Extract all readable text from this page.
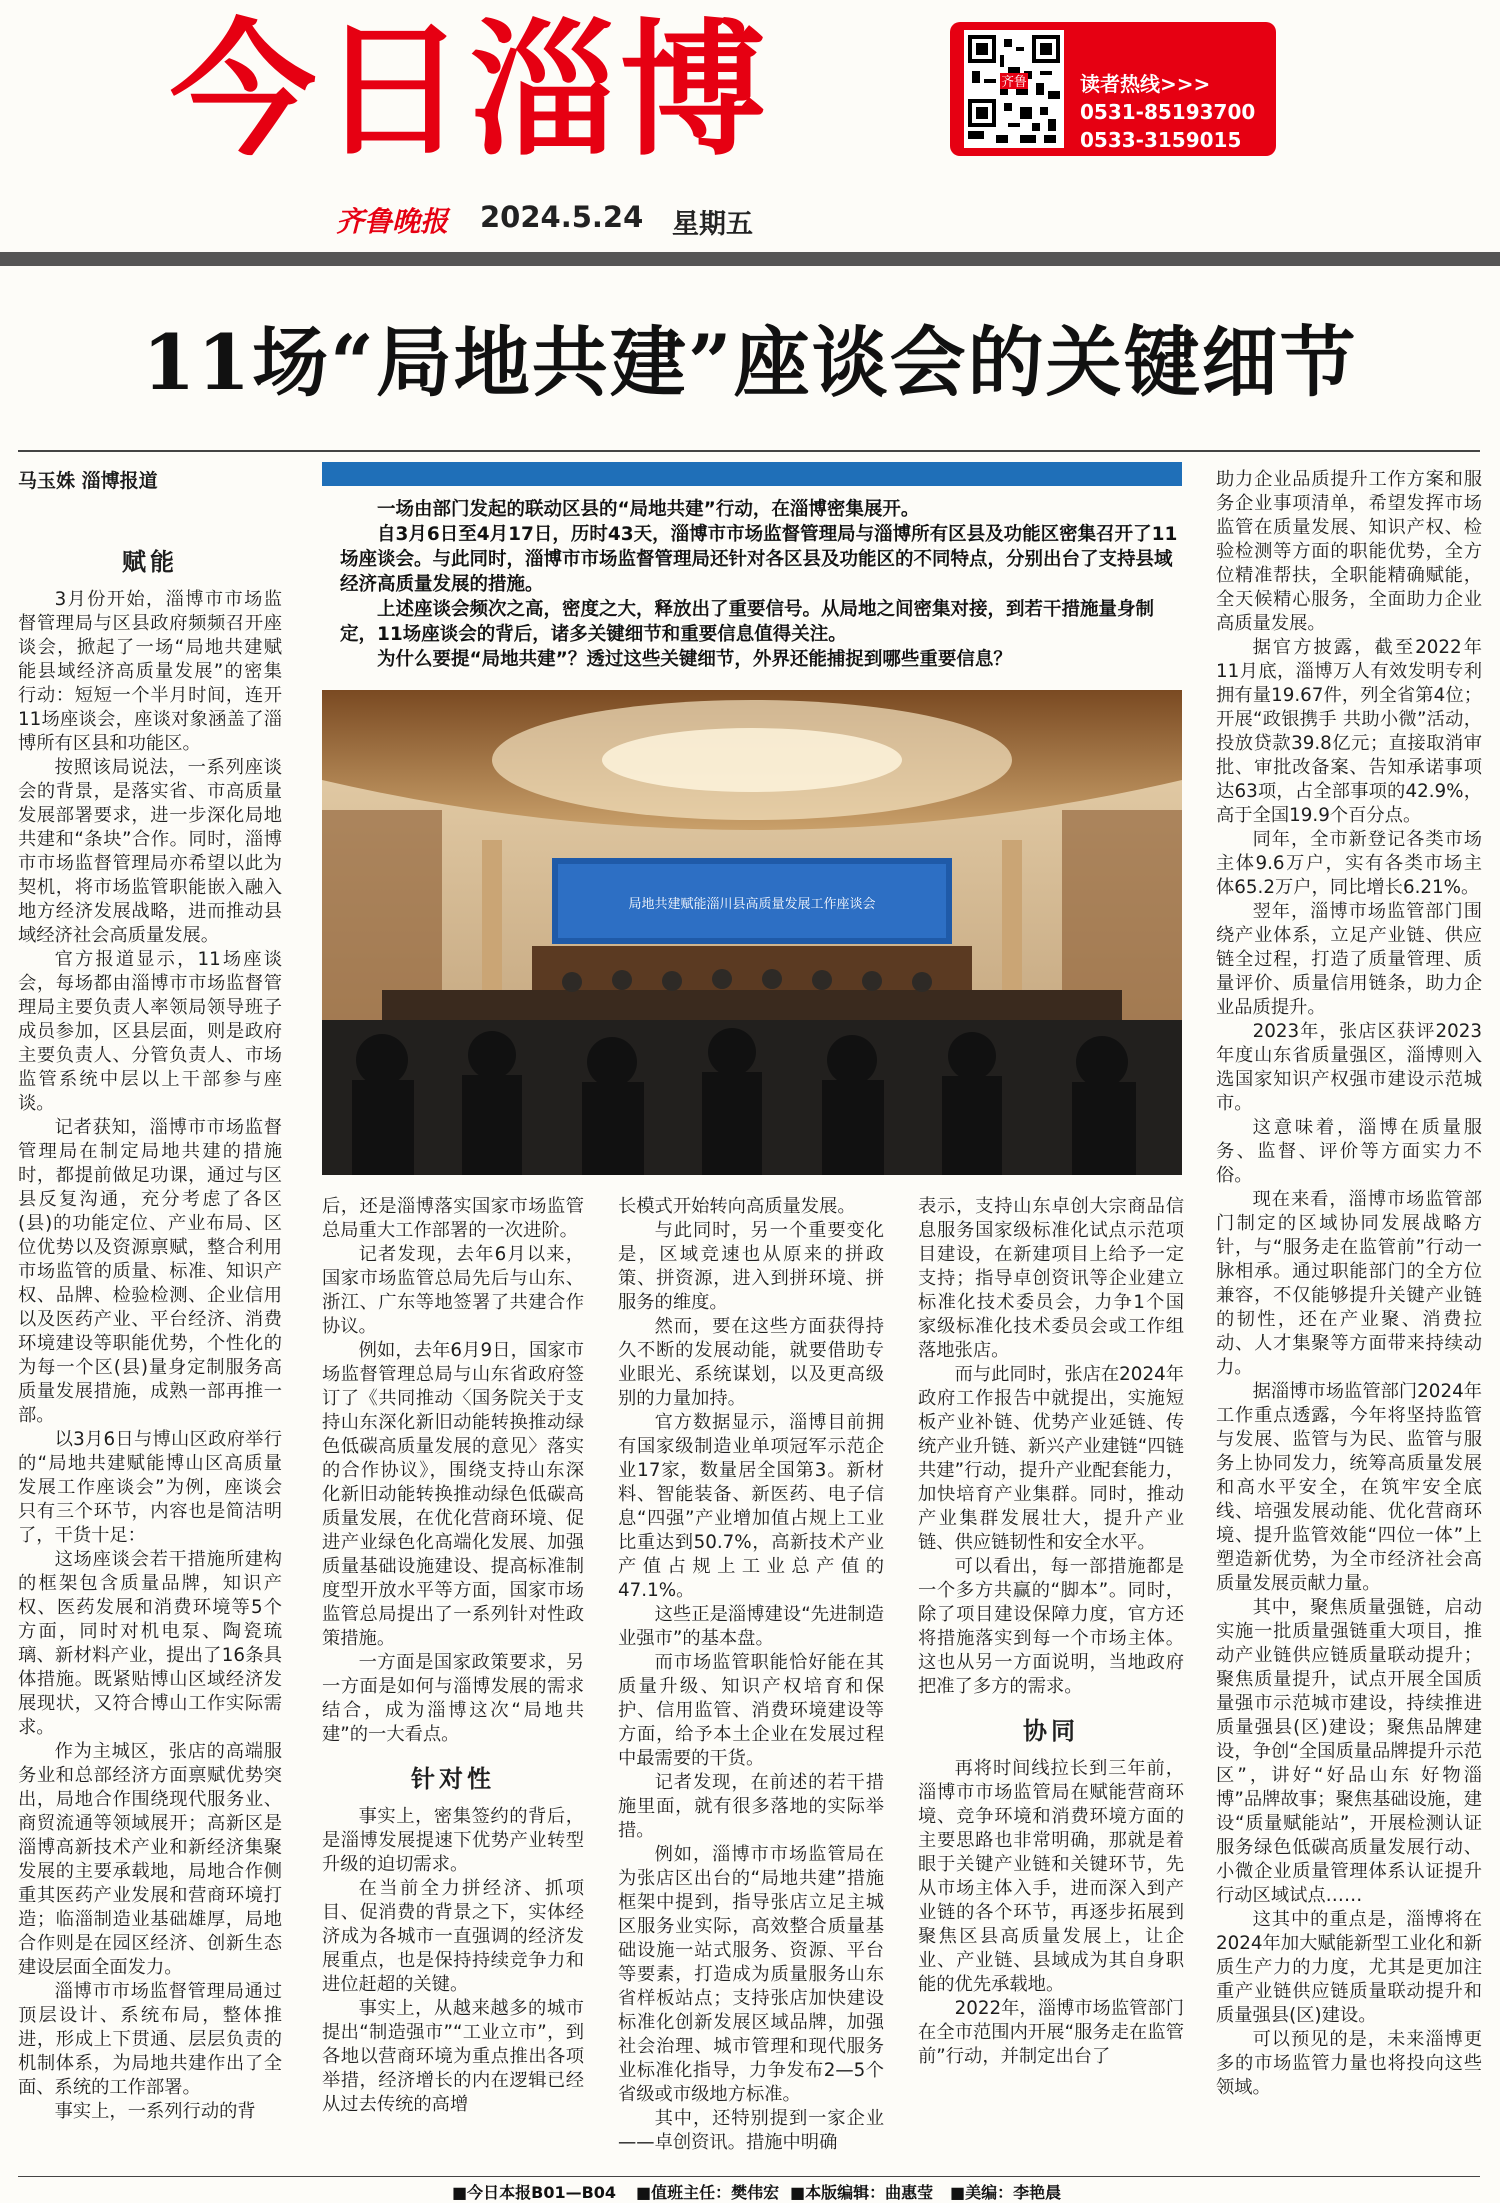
今日淄博	齐鲁	读者热线>>>
0531-85193700
0533-3159015
齐鲁晚报 2024.5.24 星期五
11场“局地共建”座谈会的关键细节
马玉姝 淄博报道
赋能

3月份开始，淄博市市场监督管理局与区县政府频频召开座谈会，掀起了一场“局地共建赋能县域经济高质量发展”的密集行动：短短一个半月时间，连开11场座谈会，座谈对象涵盖了淄博所有区县和功能区。

按照该局说法，一系列座谈会的背景，是落实省、市高质量发展部署要求，进一步深化局地共建和“条块”合作。同时，淄博市市场监督管理局亦希望以此为契机，将市场监管职能嵌入融入地方经济发展战略，进而推动县域经济社会高质量发展。

官方报道显示，11场座谈会，每场都由淄博市市场监督管理局主要负责人率领局领导班子成员参加，区县层面，则是政府主要负责人、分管负责人、市场监管系统中层以上干部参与座谈。

记者获知，淄博市市场监督管理局在制定局地共建的措施时，都提前做足功课，通过与区县反复沟通，充分考虑了各区(县)的功能定位、产业布局、区位优势以及资源禀赋，整合利用市场监管的质量、标准、知识产权、品牌、检验检测、企业信用以及医药产业、平台经济、消费环境建设等职能优势，个性化的为每一个区(县)量身定制服务高质量发展措施，成熟一部再推一部。

以3月6日与博山区政府举行的“局地共建赋能博山区高质量发展工作座谈会”为例，座谈会只有三个环节，内容也是简洁明了，干货十足：

这场座谈会若干措施所建构的框架包含质量品牌，知识产权、医药发展和消费环境等5个方面，同时对机电泵、陶瓷琉璃、新材料产业，提出了16条具体措施。既紧贴博山区域经济发展现状，又符合博山工作实际需求。

作为主城区，张店的高端服务业和总部经济方面禀赋优势突出，局地合作围绕现代服务业、商贸流通等领域展开；高新区是淄博高新技术产业和新经济集聚发展的主要承载地，局地合作侧重其医药产业发展和营商环境打造；临淄制造业基础雄厚，局地合作则是在园区经济、创新生态建设层面全面发力。

淄博市市场监督管理局通过顶层设计、系统布局，整体推进，形成上下贯通、层层负责的机制体系，为局地共建作出了全面、系统的工作部署。

事实上，一系列行动的背

一场由部门发起的联动区县的“局地共建”行动，在淄博密集展开。

自3月6日至4月17日，历时43天，淄博市市场监督管理局与淄博所有区县及功能区密集召开了11场座谈会。与此同时，淄博市市场监督管理局还针对各区县及功能区的不同特点，分别出台了支持县域经济高质量发展的措施。

上述座谈会频次之高，密度之大，释放出了重要信号。从局地之间密集对接，到若干措施量身制定，11场座谈会的背后，诸多关键细节和重要信息值得关注。

为什么要提“局地共建”？透过这些关键细节，外界还能捕捉到哪些重要信息？

局地共建赋能淄川县高质量发展工作座谈会

后，还是淄博落实国家市场监管总局重大工作部署的一次进阶。

记者发现，去年6月以来，国家市场监管总局先后与山东、浙江、广东等地签署了共建合作协议。

例如，去年6月9日，国家市场监督管理总局与山东省政府签订了《共同推动〈国务院关于支持山东深化新旧动能转换推动绿色低碳高质量发展的意见〉落实的合作协议》，围绕支持山东深化新旧动能转换推动绿色低碳高质量发展，在优化营商环境、促进产业绿色化高端化发展、加强质量基础设施建设、提高标准制度型开放水平等方面，国家市场监管总局提出了一系列针对性政策措施。

一方面是国家政策要求，另一方面是如何与淄博发展的需求结合，成为淄博这次“局地共建”的一大看点。

针对性

事实上，密集签约的背后，是淄博发展提速下优势产业转型升级的迫切需求。

在当前全力拼经济、抓项目、促消费的背景之下，实体经济成为各城市一直强调的经济发展重点，也是保持持续竞争力和进位赶超的关键。

事实上，从越来越多的城市提出“制造强市”“工业立市”，到各地以营商环境为重点推出各项举措，经济增长的内在逻辑已经从过去传统的高增

长模式开始转向高质量发展。

与此同时，另一个重要变化是，区域竞速也从原来的拼政策、拼资源，进入到拼环境、拼服务的维度。

然而，要在这些方面获得持久不断的发展动能，就要借助专业眼光、系统谋划，以及更高级别的力量加持。

官方数据显示，淄博目前拥有国家级制造业单项冠军示范企业17家，数量居全国第3。新材料、智能装备、新医药、电子信息“四强”产业增加值占规上工业比重达到50.7%，高新技术产业产值占规上工业总产值的47.1%。

这些正是淄博建设“先进制造业强市”的基本盘。

而市场监管职能恰好能在其质量升级、知识产权培育和保护、信用监管、消费环境建设等方面，给予本土企业在发展过程中最需要的干货。

记者发现，在前述的若干措施里面，就有很多落地的实际举措。

例如，淄博市市场监管局在为张店区出台的“局地共建”措施框架中提到，指导张店立足主城区服务业实际，高效整合质量基础设施一站式服务、资源、平台等要素，打造成为质量服务山东省样板站点；支持张店加快建设标准化创新发展区域品牌，加强社会治理、城市管理和现代服务业标准化指导，力争发布2—5个省级或市级地方标准。

其中，还特别提到一家企业——卓创资讯。措施中明确

表示，支持山东卓创大宗商品信息服务国家级标准化试点示范项目建设，在新建项目上给予一定支持；指导卓创资讯等企业建立标准化技术委员会，力争1个国家级标准化技术委员会或工作组落地张店。

而与此同时，张店在2024年政府工作报告中就提出，实施短板产业补链、优势产业延链、传统产业升链、新兴产业建链“四链共建”行动，提升产业配套能力，加快培育产业集群。同时，推动产业集群发展壮大，提升产业链、供应链韧性和安全水平。

可以看出，每一部措施都是一个多方共赢的“脚本”。同时，除了项目建设保障力度，官方还将措施落实到每一个市场主体。这也从另一方面说明，当地政府把准了多方的需求。

协同

再将时间线拉长到三年前，淄博市市场监管局在赋能营商环境、竞争环境和消费环境方面的主要思路也非常明确，那就是着眼于关键产业链和关键环节，先从市场主体入手，进而深入到产业链的各个环节，再逐步拓展到聚焦区县高质量发展上，让企业、产业链、县域成为其自身职能的优先承载地。

2022年，淄博市场监管部门在全市范围内开展“服务走在监管前”行动，并制定出台了

助力企业品质提升工作方案和服务企业事项清单，希望发挥市场监管在质量发展、知识产权、检验检测等方面的职能优势，全方位精准帮扶，全职能精确赋能，全天候精心服务，全面助力企业高质量发展。

据官方披露，截至2022年11月底，淄博万人有效发明专利拥有量19.67件，列全省第4位；开展“政银携手 共助小微”活动，投放贷款39.8亿元；直接取消审批、审批改备案、告知承诺事项达63项，占全部事项的42.9%，高于全国19.9个百分点。

同年，全市新登记各类市场主体9.6万户，实有各类市场主体65.2万户，同比增长6.21%。

翌年，淄博市场监管部门围绕产业体系，立足产业链、供应链全过程，打造了质量管理、质量评价、质量信用链条，助力企业品质提升。

2023年，张店区获评2023年度山东省质量强区，淄博则入选国家知识产权强市建设示范城市。

这意味着，淄博在质量服务、监督、评价等方面实力不俗。

现在来看，淄博市场监管部门制定的区域协同发展战略方针，与“服务走在监管前”行动一脉相承。通过职能部门的全方位兼容，不仅能够提升关键产业链的韧性，还在产业聚、消费拉动、人才集聚等方面带来持续动力。

据淄博市场监管部门2024年工作重点透露，今年将坚持监管与发展、监管与为民、监管与服务上协同发力，统筹高质量发展和高水平安全，在筑牢安全底线、培强发展动能、优化营商环境、提升监管效能“四位一体”上塑造新优势，为全市经济社会高质量发展贡献力量。

其中，聚焦质量强链，启动实施一批质量强链重大项目，推动产业链供应链质量联动提升；聚焦质量提升，试点开展全国质量强市示范城市建设，持续推进质量强县(区)建设；聚焦品牌建设，争创“全国质量品牌提升示范区”，讲好“好品山东 好物淄博”品牌故事；聚焦基础设施，建设“质量赋能站”，开展检测认证服务绿色低碳高质量发展行动、小微企业质量管理体系认证提升行动区域试点……

这其中的重点是，淄博将在2024年加大赋能新型工业化和新质生产力的力度，尤其是更加注重产业链供应链质量联动提升和质量强县(区)建设。

可以预见的是，未来淄博更多的市场监管力量也将投向这些领域。

■今日本报B01—B04 ■值班主任：樊伟宏 ■本版编辑：曲惠莹 ■美编：李艳晨
